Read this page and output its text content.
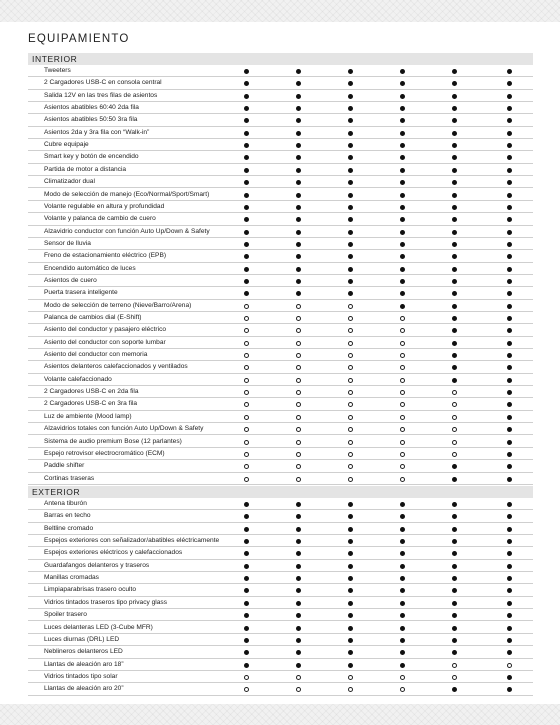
EQUIPAMIENTO
INTERIOR
Tweeters
2 Cargadores USB-C en consola central
Salida 12V en las tres filas de asientos
Asientos abatibles 60:40 2da fila
Asientos abatibles 50:50 3ra fila
Asientos 2da y 3ra fila con “Walk-in”
Cubre equipaje
Smart key y botón de encendido
Partida de motor a distancia
Climatizador dual
Modo de selección de manejo (Eco/Normal/Sport/Smart)
Volante regulable en altura y profundidad
Volante y palanca de cambio de cuero
Alzavidrio conductor con función Auto Up/Down & Safety
Sensor de lluvia
Freno de estacionamiento eléctrico (EPB)
Encendido automático de luces
Asientos de cuero
Puerta trasera inteligente
Modo de selección de terreno (Nieve/Barro/Arena)
Palanca de cambios dial (E-Shift)
Asiento del conductor y pasajero eléctrico
Asiento del conductor con soporte lumbar
Asiento del conductor con memoria
Asientos delanteros calefaccionados y ventilados
Volante calefaccionado
2 Cargadores USB-C en 2da fila
2 Cargadores USB-C en 3ra fila
Luz de ambiente (Mood lamp)
Alzavidrios totales con función Auto Up/Down & Safety
Sistema de audio premium Bose (12 parlantes)
Espejo retrovisor electrocromático (ECM)
Paddle shifter
Cortinas traseras
EXTERIOR
Antena tiburón
Barras en techo
Beltline cromado
Espejos exteriores con señalizador/abatibles eléctricamente
Espejos exteriores eléctricos y calefaccionados
Guardafangos delanteros y traseros
Manillas cromadas
Limpiaparabrisas trasero oculto
Vidrios tintados traseros tipo privacy glass
Spoiler trasero
Luces delanteras LED (3-Cube MFR)
Luces diurnas (DRL) LED
Neblineros delanteros LED
Llantas de aleación aro 18”
Vidrios tintados tipo solar
Llantas de aleación aro 20”
